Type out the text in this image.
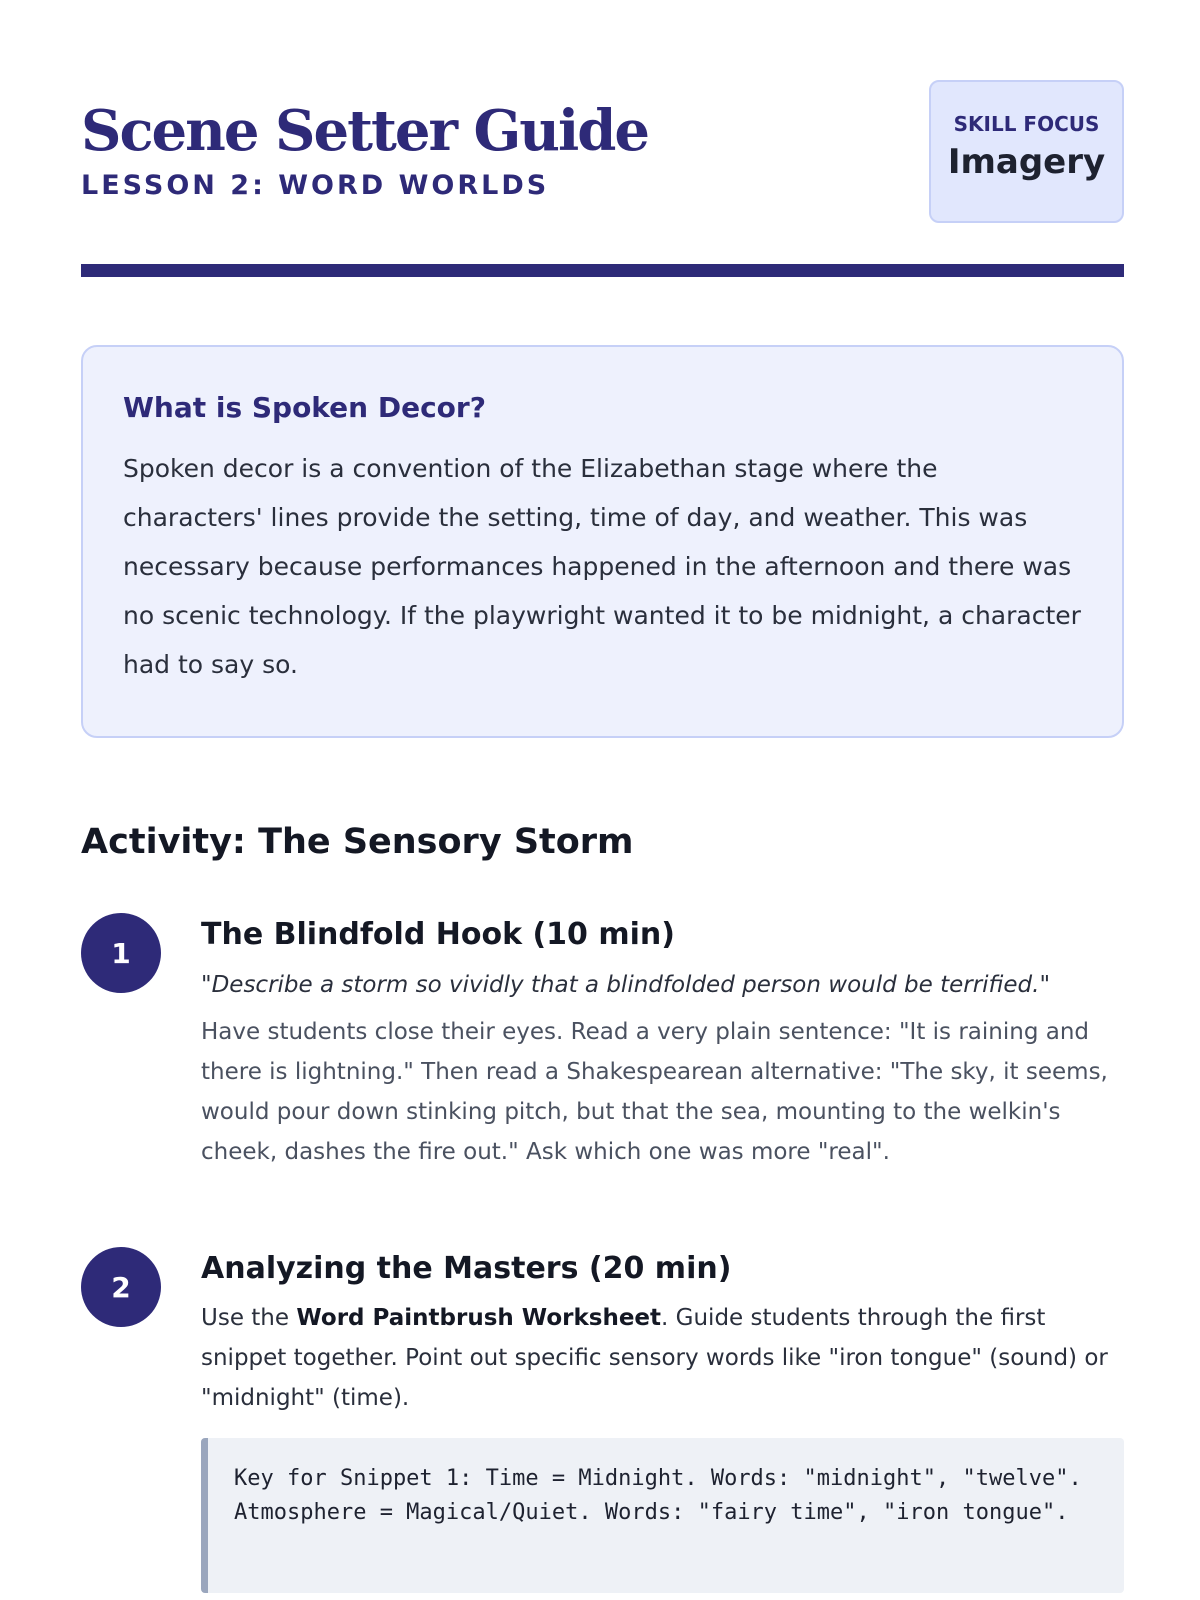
Scene Setter Guide
LESSON 2: WORD WORLDS
SKILL FOCUS
Imagery
What is Spoken Decor?
Spoken decor is a convention of the Elizabethan stage where the characters' lines provide the setting, time of day, and weather. This was necessary because performances happened in the afternoon and there was no scenic technology. If the playwright wanted it to be midnight, a character had to say so.
Activity: The Sensory Storm
1
The Blindfold Hook (10 min)
"Describe a storm so vividly that a blindfolded person would be terrified."
Have students close their eyes. Read a very plain sentence: "It is raining and there is lightning." Then read a Shakespearean alternative: "The sky, it seems, would pour down stinking pitch, but that the sea, mounting to the welkin's cheek, dashes the fire out." Ask which one was more "real".
2
Analyzing the Masters (20 min)
Use the Word Paintbrush Worksheet. Guide students through the first snippet together. Point out specific sensory words like "iron tongue" (sound) or "midnight" (time).
Key for Snippet 1: Time = Midnight. Words: "midnight", "twelve". Atmosphere = Magical/Quiet. Words: "fairy time", "iron tongue".
